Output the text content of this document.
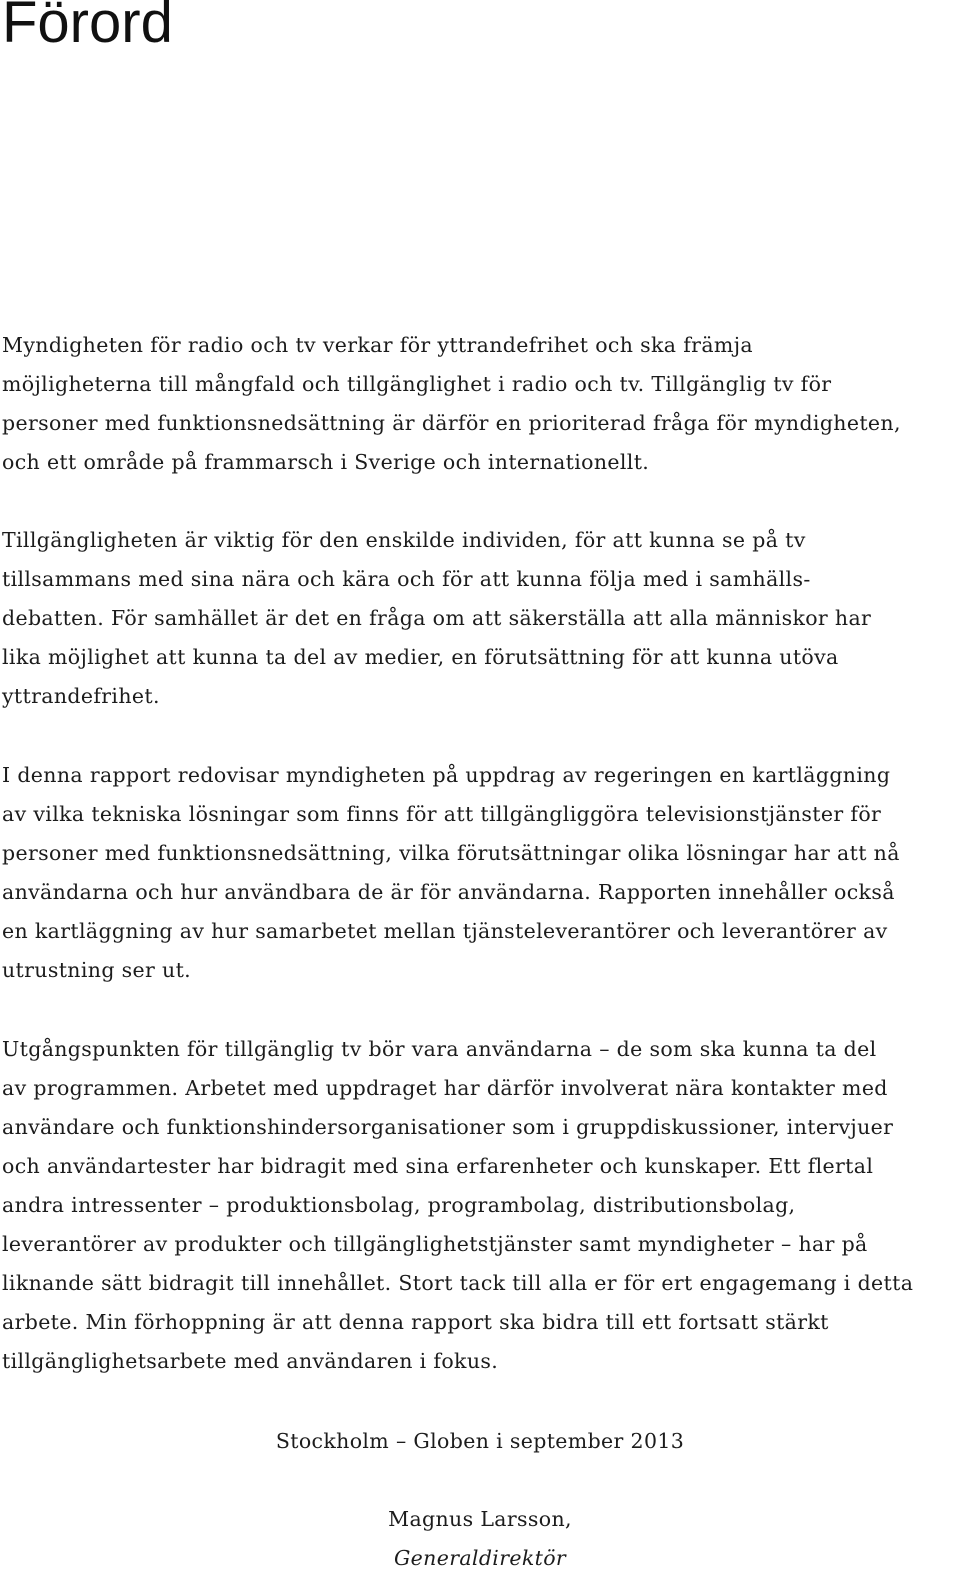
Förord

Myndigheten för radio och tv verkar för yttrandefrihet och ska främja
möjligheterna till mångfald och tillgänglighet i radio och tv. Tillgänglig tv för
personer med funktionsnedsättning är därför en prioriterad fråga för myndigheten,
och ett område på frammarsch i Sverige och internationellt.

Tillgängligheten är viktig för den enskilde individen, för att kunna se på tv
tillsammans med sina nära och kära och för att kunna följa med i samhälls-
debatten. För samhället är det en fråga om att säkerställa att alla människor har
lika möjlighet att kunna ta del av medier, en förutsättning för att kunna utöva
yttrandefrihet.

I denna rapport redovisar myndigheten på uppdrag av regeringen en kartläggning
av vilka tekniska lösningar som finns för att tillgängliggöra televisionstjänster för
personer med funktionsnedsättning, vilka förutsättningar olika lösningar har att nå
användarna och hur användbara de är för användarna. Rapporten innehåller också
en kartläggning av hur samarbetet mellan tjänsteleverantörer och leverantörer av
utrustning ser ut.

Utgångspunkten för tillgänglig tv bör vara användarna – de som ska kunna ta del
av programmen. Arbetet med uppdraget har därför involverat nära kontakter med
användare och funktionshindersorganisationer som i gruppdiskussioner, intervjuer
och användartester har bidragit med sina erfarenheter och kunskaper. Ett flertal
andra intressenter – produktionsbolag, programbolag, distributionsbolag,
leverantörer av produkter och tillgänglighetstjänster samt myndigheter – har på
liknande sätt bidragit till innehållet. Stort tack till alla er för ert engagemang i detta
arbete. Min förhoppning är att denna rapport ska bidra till ett fortsatt stärkt
tillgänglighetsarbete med användaren i fokus.

Stockholm – Globen i september 2013

Magnus Larsson,

Generaldirektör
